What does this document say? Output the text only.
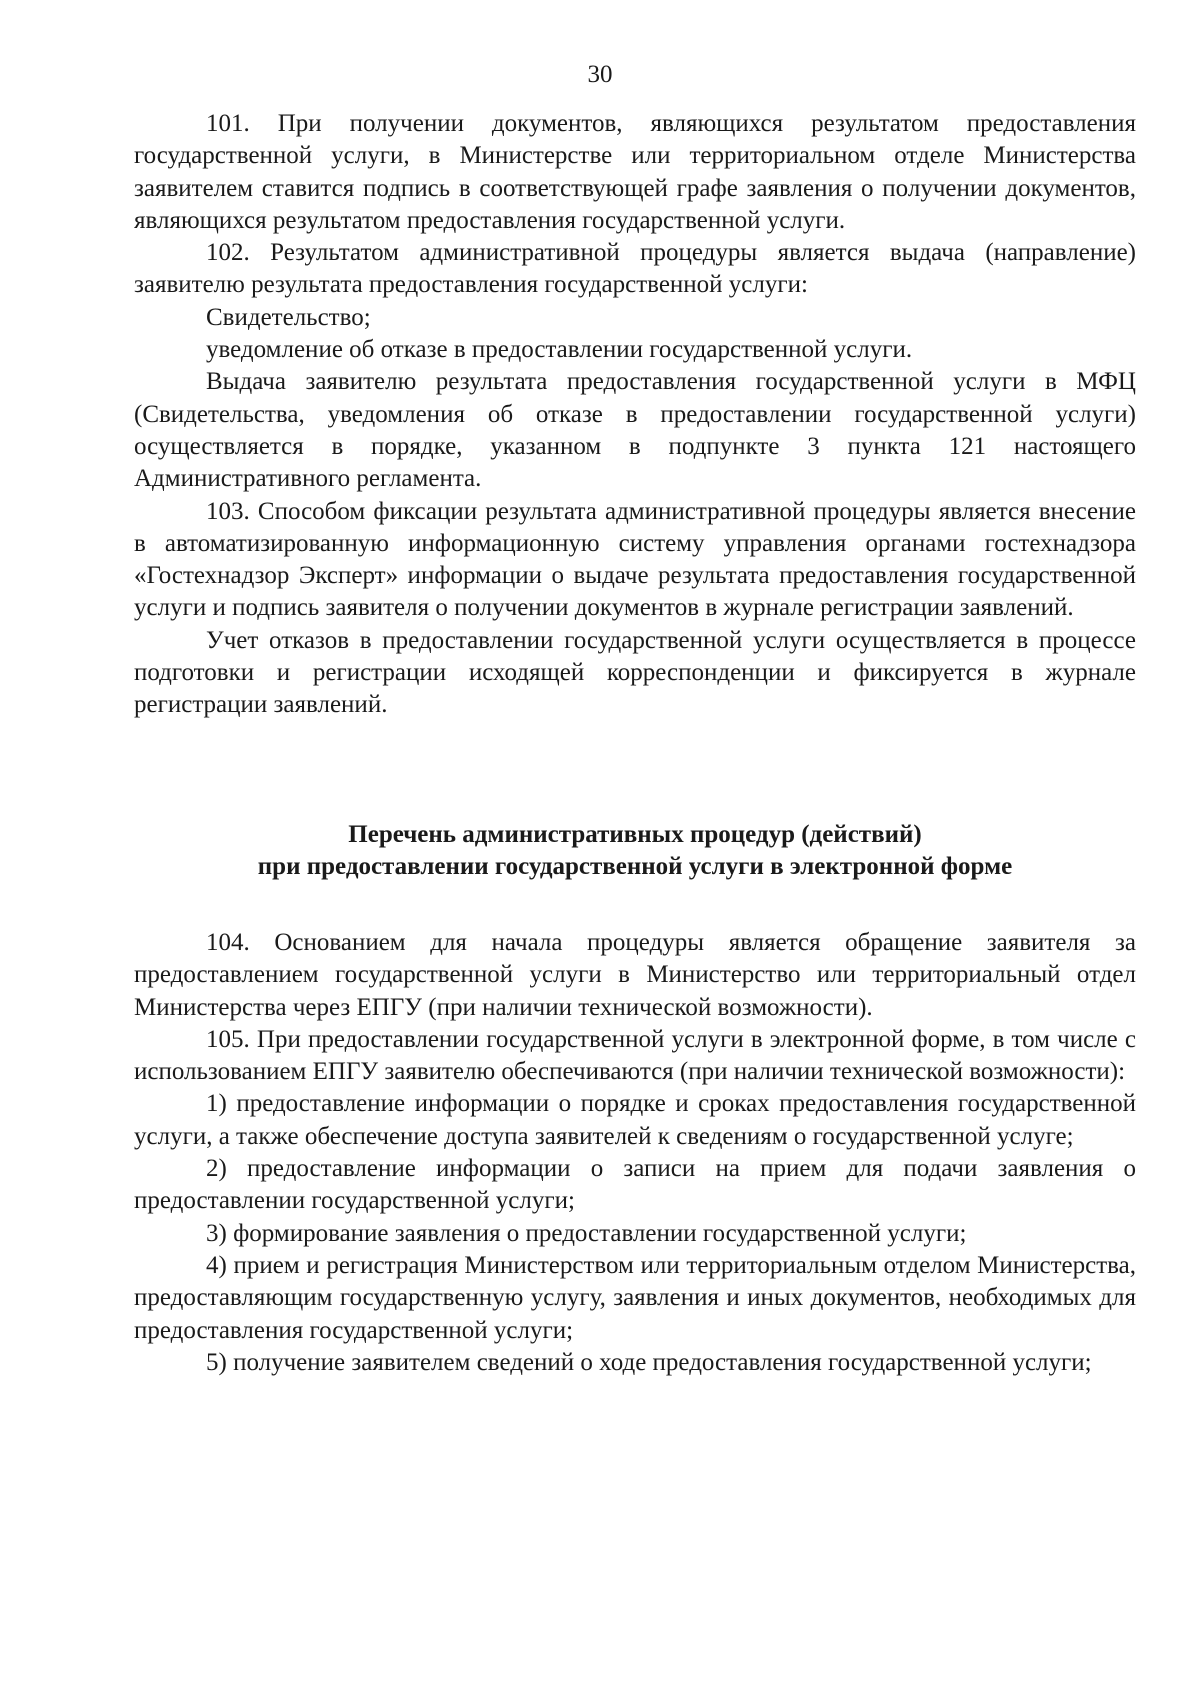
30

101. При получении документов, являющихся результатом предоставления государственной услуги, в Министерстве или территориальном отделе Министерства заявителем ставится подпись в соответствующей графе заявления о получении документов, являющихся результатом предоставления государственной услуги.

102. Результатом административной процедуры является выдача (направление) заявителю результата предоставления государственной услуги:

Свидетельство;

уведомление об отказе в предоставлении государственной услуги.

Выдача заявителю результата предоставления государственной услуги в МФЦ (Свидетельства, уведомления об отказе в предоставлении государственной услуги) осуществляется в порядке, указанном в подпункте 3 пункта 121 настоящего Административного регламента.

103. Способом фиксации результата административной процедуры является внесение в автоматизированную информационную систему управления органами гостехнадзора «Гостехнадзор Эксперт» информации о выдаче результата предоставления государственной услуги и подпись заявителя о получении документов в журнале регистрации заявлений.

Учет отказов в предоставлении государственной услуги осуществляется в процессе подготовки и регистрации исходящей корреспонденции и фиксируется в журнале регистрации заявлений.

Перечень административных процедур (действий)
при предоставлении государственной услуги в электронной форме

104. Основанием для начала процедуры является обращение заявителя за предоставлением государственной услуги в Министерство или территориальный отдел Министерства через ЕПГУ (при наличии технической возможности).

105. При предоставлении государственной услуги в электронной форме, в том числе с использованием ЕПГУ заявителю обеспечиваются (при наличии технической возможности):

1) предоставление информации о порядке и сроках предоставления государственной услуги, а также обеспечение доступа заявителей к сведениям о государственной услуге;

2) предоставление информации о записи на прием для подачи заявления о предоставлении государственной услуги;

3) формирование заявления о предоставлении государственной услуги;

4) прием и регистрация Министерством или территориальным отделом Министерства, предоставляющим государственную услугу, заявления и иных документов, необходимых для предоставления государственной услуги;

5) получение заявителем сведений о ходе предоставления государственной услуги;
